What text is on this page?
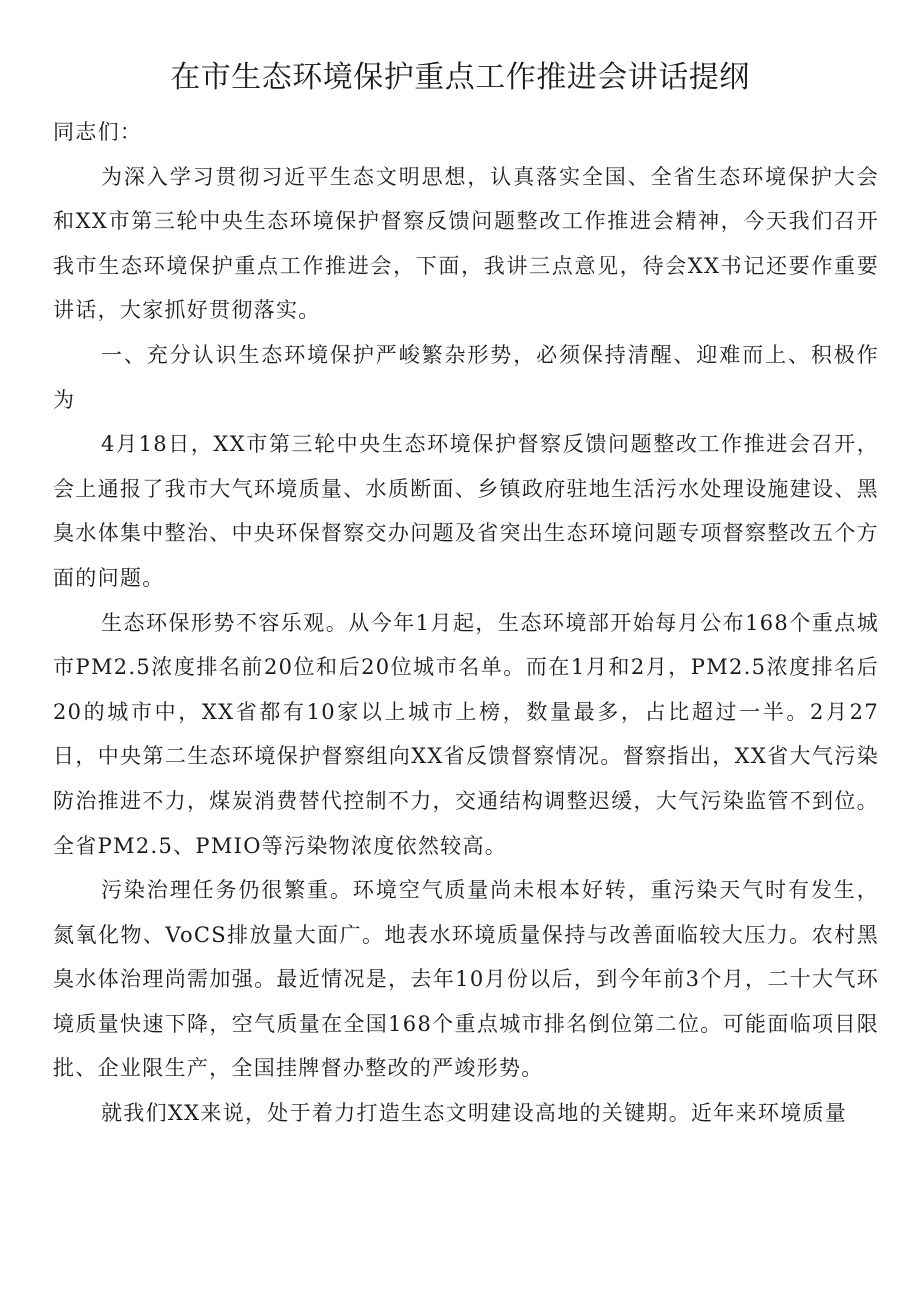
在市生态环境保护重点工作推进会讲话提纲

同志们：

为深入学习贯彻习近平生态文明思想，认真落实全国、全省生态环境保护大会和XX市第三轮中央生态环境保护督察反馈问题整改工作推进会精神，今天我们召开我市生态环境保护重点工作推进会，下面，我讲三点意见，待会XX书记还要作重要讲话，大家抓好贯彻落实。

一、充分认识生态环境保护严峻繁杂形势，必须保持清醒、迎难而上、积极作为

4月18日，XX市第三轮中央生态环境保护督察反馈问题整改工作推进会召开，会上通报了我市大气环境质量、水质断面、乡镇政府驻地生活污水处理设施建设、黑臭水体集中整治、中央环保督察交办问题及省突出生态环境问题专项督察整改五个方面的问题。

生态环保形势不容乐观。从今年1月起，生态环境部开始每月公布168个重点城市PM2.5浓度排名前20位和后20位城市名单。而在1月和2月，PM2.5浓度排名后20的城市中，XX省都有10家以上城市上榜，数量最多，占比超过一半。2月27日，中央第二生态环境保护督察组向XX省反馈督察情况。督察指出，XX省大气污染防治推进不力，煤炭消费替代控制不力，交通结构调整迟缓，大气污染监管不到位。全省PM2.5、PMIO等污染物浓度依然较高。

污染治理任务仍很繁重。环境空气质量尚未根本好转，重污染天气时有发生，氮氧化物、VoCS排放量大面广。地表水环境质量保持与改善面临较大压力。农村黑臭水体治理尚需加强。最近情况是，去年10月份以后，到今年前3个月，二十大气环境质量快速下降，空气质量在全国168个重点城市排名倒位第二位。可能面临项目限批、企业限生产，全国挂牌督办整改的严竣形势。

就我们XX来说，处于着力打造生态文明建设高地的关键期。近年来环境质量
